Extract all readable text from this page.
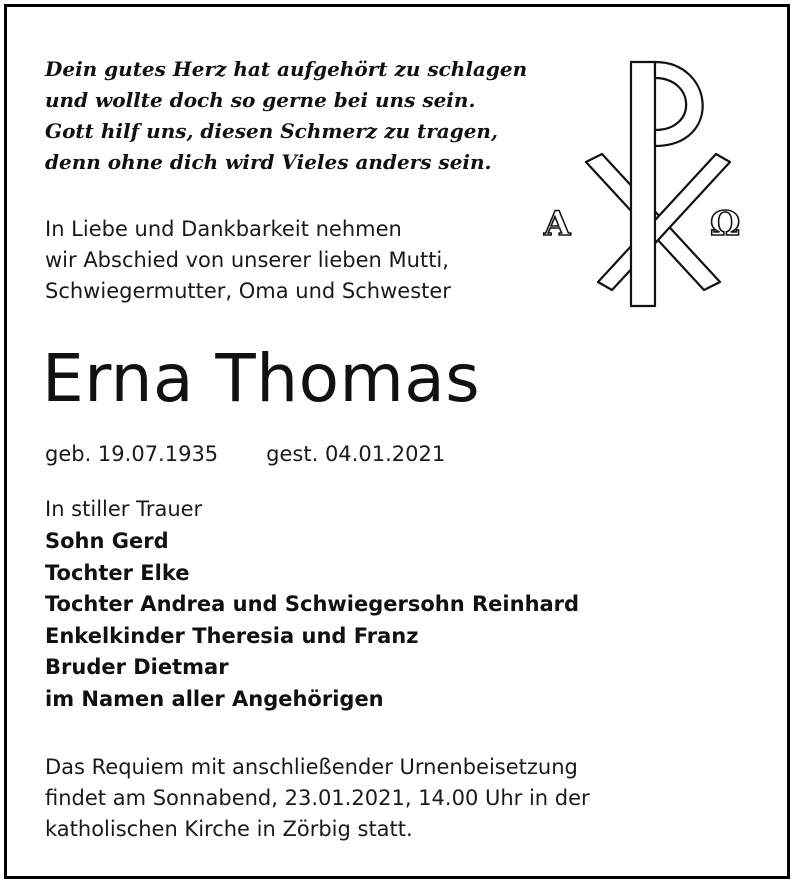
Dein gutes Herz hat aufgehört zu schlagen
und wollte doch so gerne bei uns sein.
Gott hilf uns, diesen Schmerz zu tragen,
denn ohne dich wird Vieles anders sein.
A	Ω
In Liebe und Dankbarkeit nehmen
wir Abschied von unserer lieben Mutti,
Schwiegermutter, Oma und Schwester
Erna Thomas
geb. 19.07.1935 gest. 04.01.2021
In stiller Trauer
Sohn Gerd
Tochter Elke
Tochter Andrea und Schwiegersohn Reinhard
Enkelkinder Theresia und Franz
Bruder Dietmar
im Namen aller Angehörigen
Das Requiem mit anschließender Urnenbeisetzung
findet am Sonnabend, 23.01.2021, 14.00 Uhr in der
katholischen Kirche in Zörbig statt.
